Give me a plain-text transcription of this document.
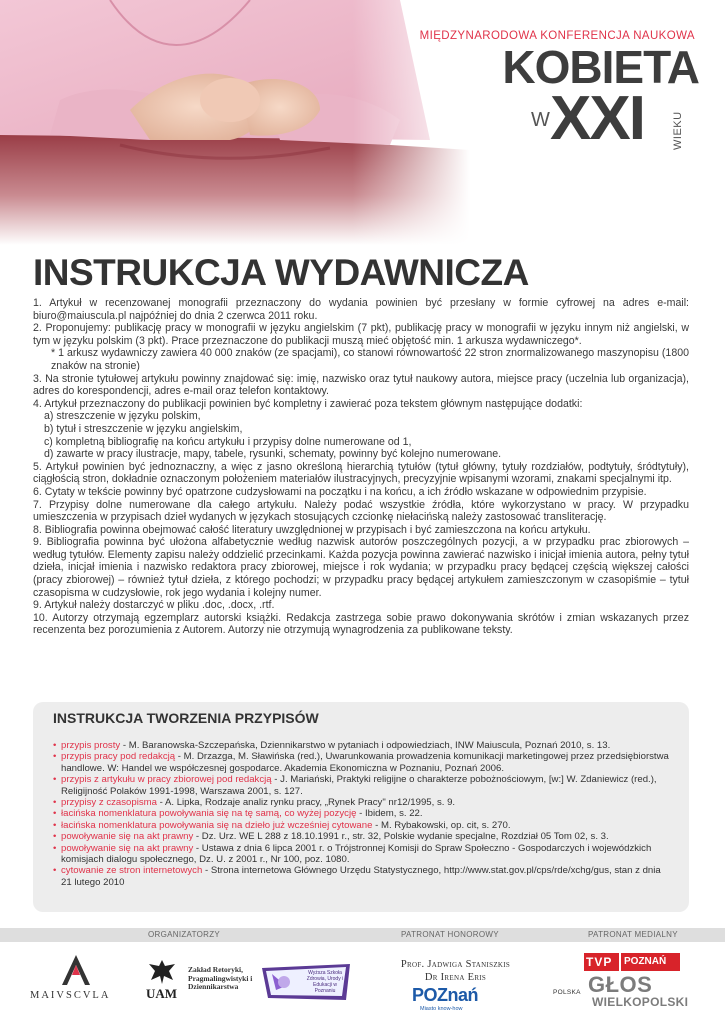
MIĘDZYNARODOWA KONFERENCJA NAUKOWA
KOBIETA
W XXI	WIEKU
INSTRUKCJA WYDAWNICZA
1. Artykuł w recenzowanej monografii przeznaczony do wydania powinien być przesłany w formie cyfrowej na adres e-mail: biuro@maiuscula.pl najpóźniej do dnia 2 czerwca 2011 roku.
2. Proponujemy: publikację pracy w monografii w języku angielskim (7 pkt), publikację pracy w monografii w języku innym niż angielski, w tym w języku polskim (3 pkt). Prace przeznaczone do publikacji muszą mieć objętość min. 1 arkusza wydawniczego*.
* 1 arkusz wydawniczy zawiera 40 000 znaków (ze spacjami), co stanowi równowartość 22 stron znormalizowanego maszynopisu (1800 znaków na stronie)
3. Na stronie tytułowej artykułu powinny znajdować się: imię, nazwisko oraz tytuł naukowy autora, miejsce pracy (uczelnia lub organizacja), adres do korespondencji, adres e-mail oraz telefon kontaktowy.
4. Artykuł przeznaczony do publikacji powinien być kompletny i zawierać poza tekstem głównym następujące dodatki:
a) streszczenie w języku polskim,
b) tytuł i streszczenie w języku angielskim,
c) kompletną bibliografię na końcu artykułu i przypisy dolne numerowane od 1,
d) zawarte w pracy ilustracje, mapy, tabele, rysunki, schematy, powinny być kolejno numerowane.
5. Artykuł powinien być jednoznaczny, a więc z jasno określoną hierarchią tytułów (tytuł główny, tytuły rozdziałów, podtytuły, śródtytuły), ciągłością stron, dokładnie oznaczonym położeniem materiałów ilustracyjnych, precyzyjnie wpisanymi wzorami, znakami specjalnymi itp.
6. Cytaty w tekście powinny być opatrzone cudzysłowami na początku i na końcu, a ich źródło wskazane w odpowiednim przypisie.
7. Przypisy dolne numerowane dla całego artykułu. Należy podać wszystkie źródła, które wykorzystano w pracy. W przypadku umieszczenia w przypisach dzieł wydanych w językach stosujących czcionkę niełacińską należy zastosować transliterację.
8. Bibliografia powinna obejmować całość literatury uwzględnionej w przypisach i być zamieszczona na końcu artykułu.
9. Bibliografia powinna być ułożona alfabetycznie według nazwisk autorów poszczególnych pozycji, a w przypadku prac zbiorowych – według tytułów. Elementy zapisu należy oddzielić przecinkami. Każda pozycja powinna zawierać nazwisko i inicjał imienia autora, pełny tytuł dzieła, inicjał imienia i nazwisko redaktora pracy zbiorowej, miejsce i rok wydania; w przypadku pracy będącej częścią większej całości (pracy zbiorowej) – również tytuł dzieła, z którego pochodzi; w przypadku pracy będącej artykułem zamieszczonym w czasopiśmie – tytuł czasopisma w cudzysłowie, rok jego wydania i kolejny numer.
9. Artykuł należy dostarczyć w pliku .doc, .docx, .rtf.
10. Autorzy otrzymają egzemplarz autorski książki. Redakcja zastrzega sobie prawo dokonywania skrótów i zmian wskazanych przez recenzenta bez porozumienia z Autorem. Autorzy nie otrzymują wynagrodzenia za publikowane teksty.
INSTRUKCJA TWORZENIA PRZYPISÓW
• przypis prosty - M. Baranowska-Szczepańska, Dziennikarstwo w pytaniach i odpowiedziach, INW Maiuscula, Poznań 2010, s. 13.
• przypis pracy pod redakcją - M. Drzazga, M. Sławińska (red.), Uwarunkowania prowadzenia komunikacji marketingowej przez przedsiębiorstwa handlowe. W: Handel we współczesnej gospodarce. Akademia Ekonomiczna w Poznaniu, Poznań 2006.
• przypis z artykułu w pracy zbiorowej pod redakcją - J. Mariański, Praktyki religijne o charakterze pobożnościowym, [w:] W. Zdaniewicz (red.), Religijność Polaków 1991-1998, Warszawa 2001, s. 127.
• przypisy z czasopisma - A. Lipka, Rodzaje analiz rynku pracy, „Rynek Pracy" nr12/1995, s. 9.
• łacińska nomenklatura powoływania się na tę samą, co wyżej pozycję - Ibidem, s. 22.
• łacińska nomenklatura powoływania się na dzieło już wcześniej cytowane - M. Rybakowski, op. cit, s. 270.
• powoływanie się na akt prawny - Dz. Urz. WE L 288 z 18.10.1991 r., str. 32, Polskie wydanie specjalne, Rozdział 05 Tom 02, s. 3.
• powoływanie się na akt prawny - Ustawa z dnia 6 lipca 2001 r. o Trójstronnej Komisji do Spraw Społeczno - Gospodarczych i wojewódzkich komisjach dialogu społecznego, Dz. U. z 2001 r., Nr 100, poz. 1080.
• cytowanie ze stron internetowych - Strona internetowa Głównego Urzędu Statystycznego, http://www.stat.gov.pl/cps/rde/xchg/gus, stan z dnia 21 lutego 2010
ORGANIZATORZY	PATRONAT HONOROWY	PATRONAT MEDIALNY
MAIVSCVLA	UAM
Zakład Retoryki, Pragmalingwistyki i Dziennikarstwa
Wyższa Szkoła Zdrowia, Urody i Edukacji w Poznaniu
Prof. Jadwiga Staniszkis
Dr Irena Eris
POZnań
Miasto know-how
TVP POZNAŃ
POLSKA GŁOS
WIELKOPOLSKI
